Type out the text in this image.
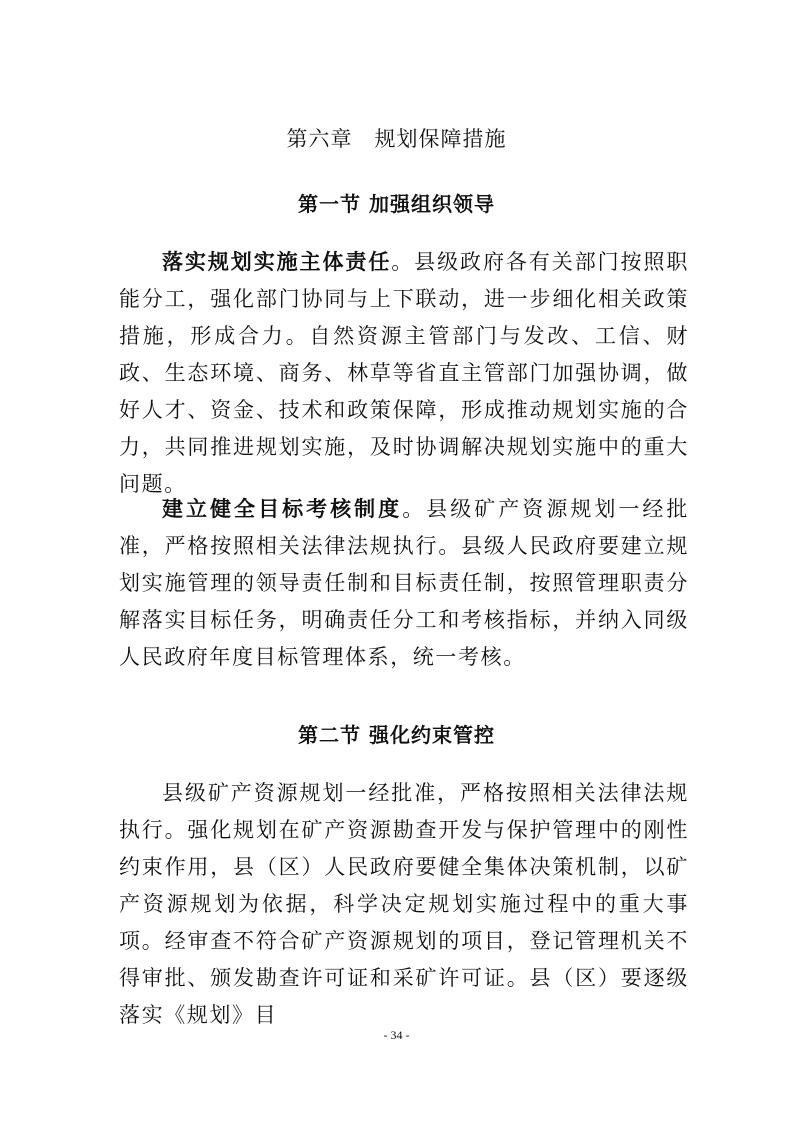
第六章　规划保障措施
第一节 加强组织领导
落实规划实施主体责任。县级政府各有关部门按照职能分工，强化部门协同与上下联动，进一步细化相关政策措施，形成合力。自然资源主管部门与发改、工信、财政、生态环境、商务、林草等省直主管部门加强协调，做好人才、资金、技术和政策保障，形成推动规划实施的合力，共同推进规划实施，及时协调解决规划实施中的重大问题。
建立健全目标考核制度。县级矿产资源规划一经批准，严格按照相关法律法规执行。县级人民政府要建立规划实施管理的领导责任制和目标责任制，按照管理职责分解落实目标任务，明确责任分工和考核指标，并纳入同级人民政府年度目标管理体系，统一考核。
第二节 强化约束管控
县级矿产资源规划一经批准，严格按照相关法律法规执行。强化规划在矿产资源勘查开发与保护管理中的刚性约束作用，县（区）人民政府要健全集体决策机制，以矿产资源规划为依据，科学决定规划实施过程中的重大事项。经审查不符合矿产资源规划的项目，登记管理机关不得审批、颁发勘查许可证和采矿许可证。县（区）要逐级落实《规划》目
- 34 -
